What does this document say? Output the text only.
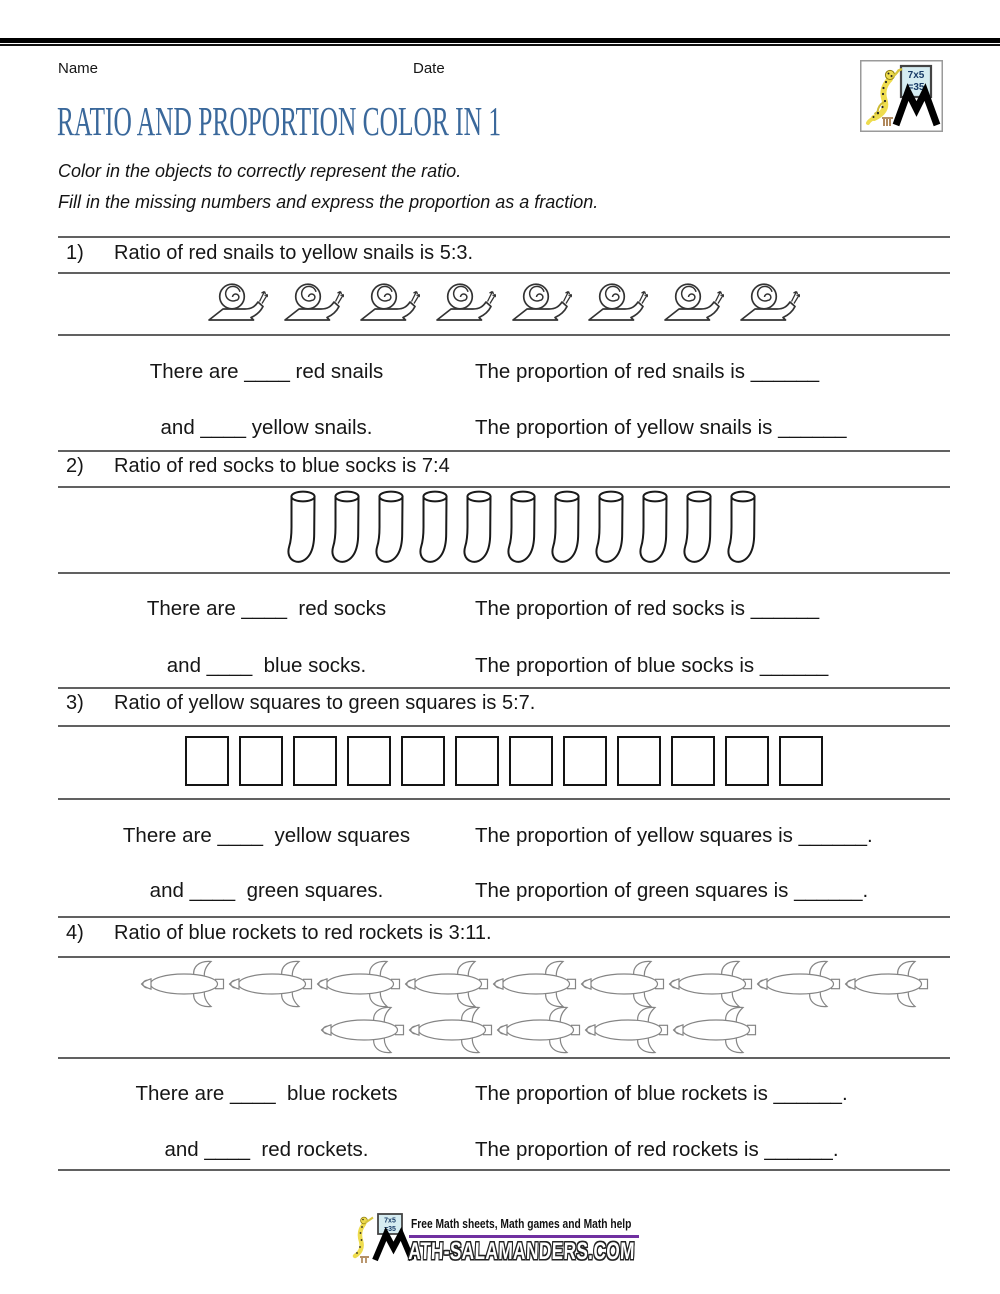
Name	Date	7x5
=35
RATIO AND PROPORTION COLOR IN 1
Color in the objects to correctly represent the ratio.
Fill in the missing numbers and express the proportion as a fraction.
1) Ratio of red snails to yellow snails is 5:3.
There are ____ red snails	The proportion of red snails is ______
and ____ yellow snails.	The proportion of yellow snails is ______
2) Ratio of red socks to blue socks is 7:4
There are ____  red socks	The proportion of red socks is ______
and ____  blue socks.	The proportion of blue socks is ______
3) Ratio of yellow squares to green squares is 5:7.
There are ____  yellow squares	The proportion of yellow squares is ______.
and ____  green squares.	The proportion of green squares is ______.
4) Ratio of blue rockets to red rockets is 3:11.
There are ____  blue rockets	The proportion of blue rockets is ______.
and ____  red rockets.	The proportion of red rockets is ______.
7x5
=35 Free Math sheets, Math games and Math help
ATH-SALAMANDERS.COM
